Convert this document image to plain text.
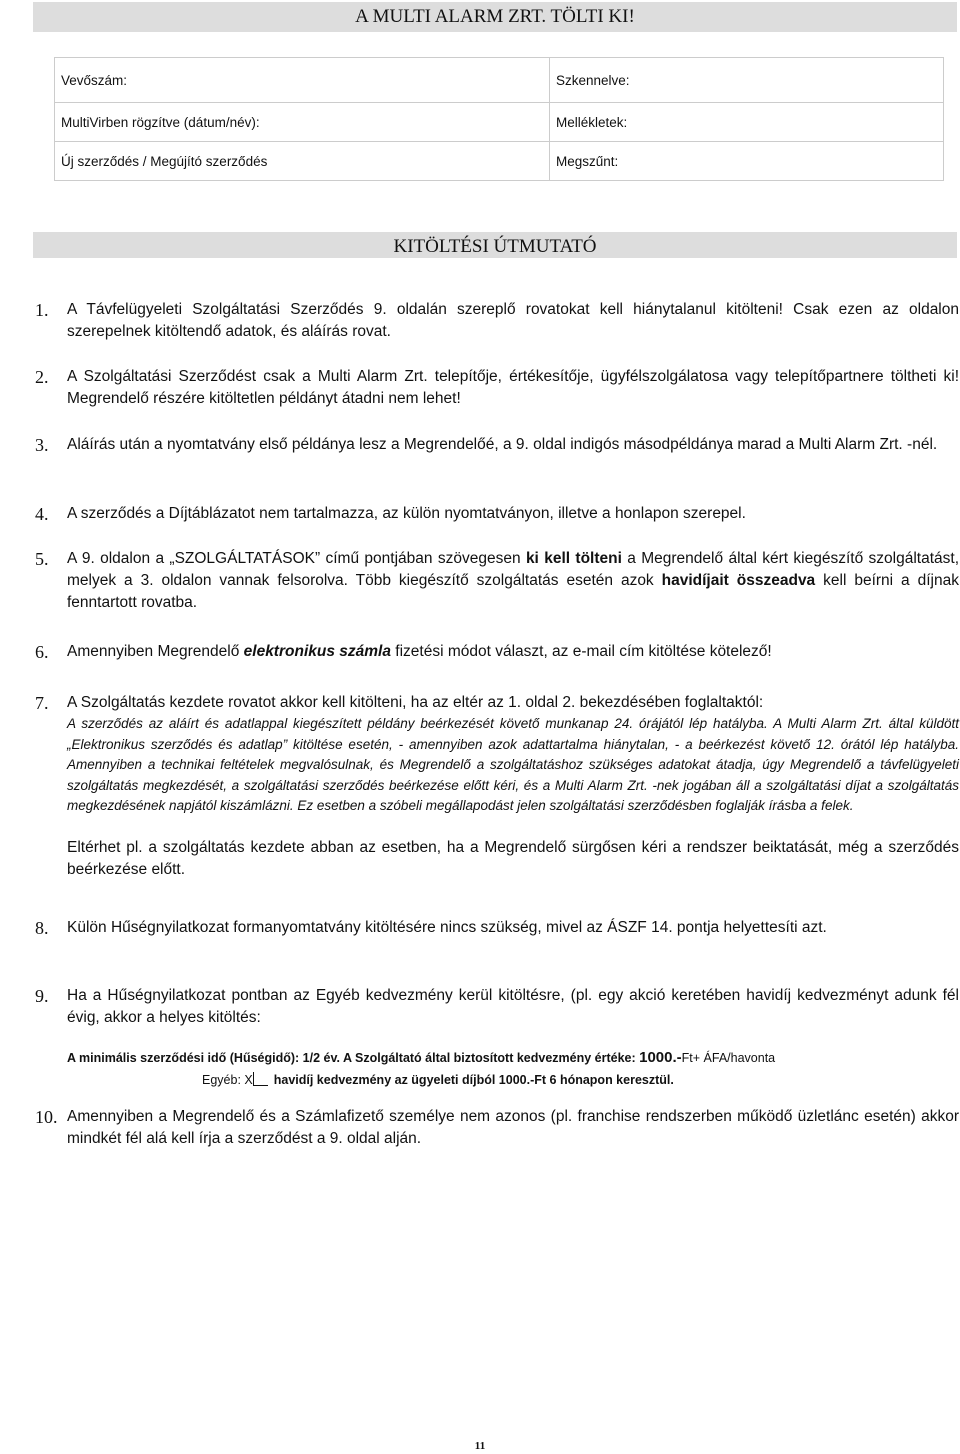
A MULTI ALARM ZRT. TÖLTI KI!
Vevőszám:	Szkennelve:
MultiVirben rögzítve (dátum/név):	Mellékletek:
Új szerződés / Megújító szerződés	Megszűnt:
KITÖLTÉSI ÚTMUTATÓ
1.	A Távfelügyeleti Szolgáltatási Szerződés 9. oldalán szereplő rovatokat kell hiánytalanul kitölteni! Csak ezen az oldalon szerepelnek kitöltendő adatok, és aláírás rovat.
2.	A Szolgáltatási Szerződést csak a Multi Alarm Zrt. telepítője, értékesítője, ügyfélszolgálatosa vagy telepítőpartnere töltheti ki! Megrendelő részére kitöltetlen példányt átadni nem lehet!
3.	Aláírás után a nyomtatvány első példánya lesz a Megrendelőé, a 9. oldal indigós másodpéldánya marad a Multi Alarm Zrt. -nél.
4.	A szerződés a Díjtáblázatot nem tartalmazza, az külön nyomtatványon, illetve a honlapon szerepel.
5.	A 9. oldalon a „SZOLGÁLTATÁSOK” című pontjában szövegesen ki kell tölteni a Megrendelő által kért kiegészítő szolgáltatást, melyek a 3. oldalon vannak felsorolva. Több kiegészítő szolgáltatás esetén azok havidíjait összeadva kell beírni a díjnak fenntartott rovatba.
6.	Amennyiben Megrendelő elektronikus számla fizetési módot választ, az e-mail cím kitöltése kötelező!
7.	A Szolgáltatás kezdete rovatot akkor kell kitölteni, ha az eltér az 1. oldal 2. bekezdésében foglaltaktól:
A szerződés az aláírt és adatlappal kiegészített példány beérkezését követő munkanap 24. órájától lép hatályba. A Multi Alarm Zrt. által küldött „Elektronikus szerződés és adatlap” kitöltése esetén, - amennyiben azok adattartalma hiánytalan, - a beérkezést követő 12. órától lép hatályba. Amennyiben a technikai feltételek megvalósulnak, és Megrendelő a szolgáltatáshoz szükséges adatokat átadja, úgy Megrendelő a távfelügyeleti szolgáltatás megkezdését, a szolgáltatási szerződés beérkezése előtt kéri, és a Multi Alarm Zrt. -nek jogában áll a szolgáltatási díjat a szolgáltatás megkezdésének napjától kiszámlázni. Ez esetben a szóbeli megállapodást jelen szolgáltatási szerződésben foglalják írásba a felek.
Eltérhet pl. a szolgáltatás kezdete abban az esetben, ha a Megrendelő sürgősen kéri a rendszer beiktatását, még a szerződés beérkezése előtt.
8.	Külön Hűségnyilatkozat formanyomtatvány kitöltésére nincs szükség, mivel az ÁSZF 14. pontja helyettesíti azt.
9.	Ha a Hűségnyilatkozat pontban az Egyéb kedvezmény kerül kitöltésre, (pl. egy akció keretében havidíj kedvezményt adunk fél évig, akkor a helyes kitöltés:
A minimális szerződési idő (Hűségidő): 1/2 év. A Szolgáltató által biztosított kedvezmény értéke: 1000.-Ft+ ÁFA/havonta
Egyéb: X havidíj kedvezmény az ügyeleti díjból 1000.-Ft 6 hónapon keresztül.
10. Amennyiben a Megrendelő és a Számlafizető személye nem azonos (pl. franchise rendszerben működő üzletlánc esetén) akkor mindkét fél alá kell írja a szerződést a 9. oldal alján.
11
